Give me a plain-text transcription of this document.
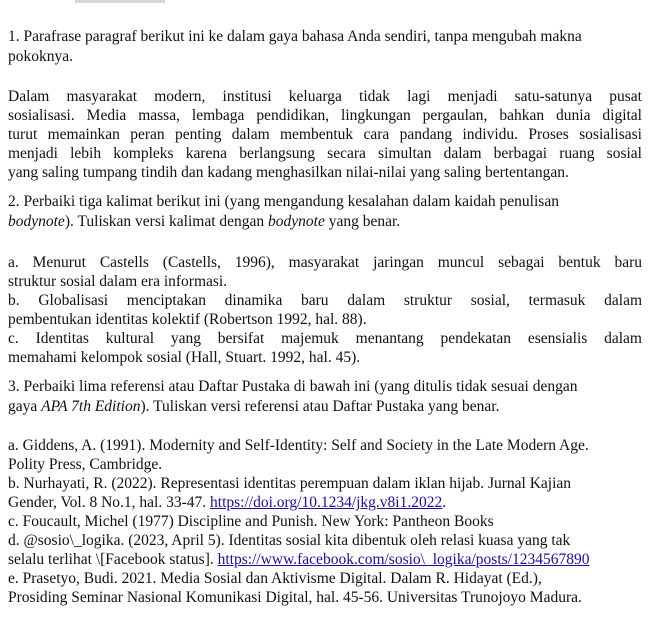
1. Parafrase paragraf berikut ini ke dalam gaya bahasa Anda sendiri, tanpa mengubah makna
pokoknya.
Dalam masyarakat modern, institusi keluarga tidak lagi menjadi satu-satunya pusat
sosialisasi. Media massa, lembaga pendidikan, lingkungan pergaulan, bahkan dunia digital
turut memainkan peran penting dalam membentuk cara pandang individu. Proses sosialisasi
menjadi lebih kompleks karena berlangsung secara simultan dalam berbagai ruang sosial
yang saling tumpang tindih dan kadang menghasilkan nilai-nilai yang saling bertentangan.
2. Perbaiki tiga kalimat berikut ini (yang mengandung kesalahan dalam kaidah penulisan
bodynote). Tuliskan versi kalimat dengan bodynote yang benar.
a. Menurut Castells (Castells, 1996), masyarakat jaringan muncul sebagai bentuk baru
struktur sosial dalam era informasi.
b. Globalisasi menciptakan dinamika baru dalam struktur sosial, termasuk dalam
pembentukan identitas kolektif (Robertson 1992, hal. 88).
c. Identitas kultural yang bersifat majemuk menantang pendekatan esensialis dalam
memahami kelompok sosial (Hall, Stuart. 1992, hal. 45).
3. Perbaiki lima referensi atau Daftar Pustaka di bawah ini (yang ditulis tidak sesuai dengan
gaya APA 7th Edition). Tuliskan versi referensi atau Daftar Pustaka yang benar.
a. Giddens, A. (1991). Modernity and Self-Identity: Self and Society in the Late Modern Age.
Polity Press, Cambridge.
b. Nurhayati, R. (2022). Representasi identitas perempuan dalam iklan hijab. Jurnal Kajian
Gender, Vol. 8 No.1, hal. 33-47. https://doi.org/10.1234/jkg.v8i1.2022.
c. Foucault, Michel (1977) Discipline and Punish. New York: Pantheon Books
d. @sosio\_logika. (2023, April 5). Identitas sosial kita dibentuk oleh relasi kuasa yang tak
selalu terlihat \[Facebook status]. https://www.facebook.com/sosio\_logika/posts/1234567890
e. Prasetyo, Budi. 2021. Media Sosial dan Aktivisme Digital. Dalam R. Hidayat (Ed.),
Prosiding Seminar Nasional Komunikasi Digital, hal. 45-56. Universitas Trunojoyo Madura.
